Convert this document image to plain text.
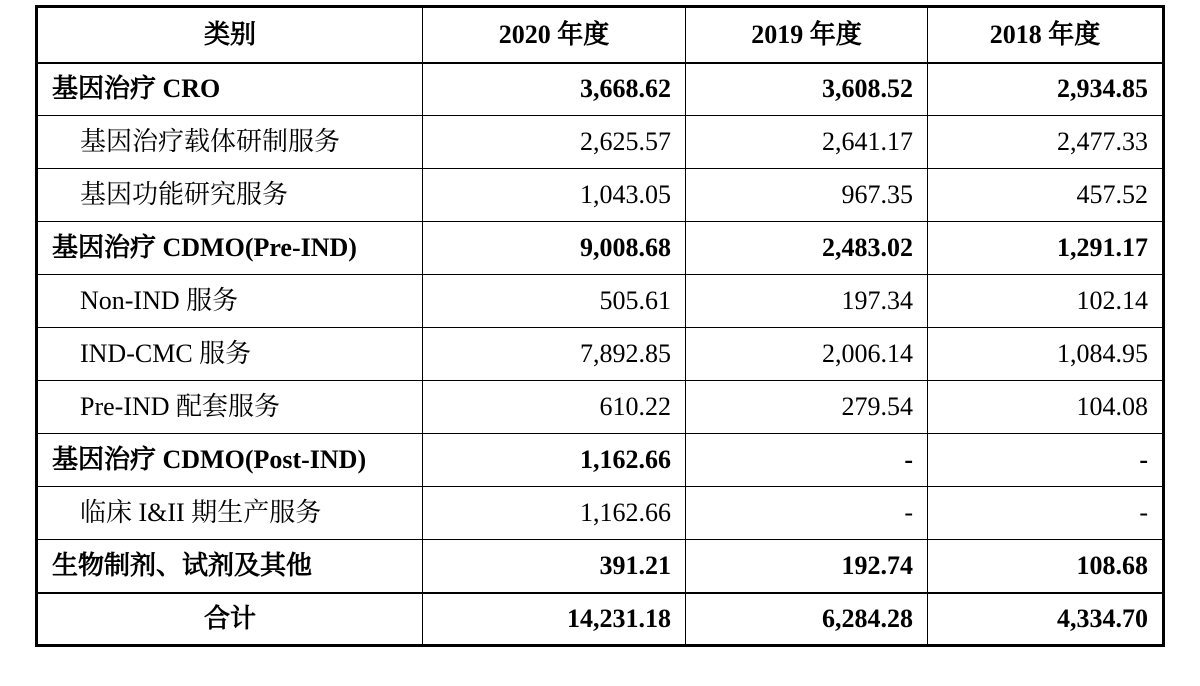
类别	2020 年度	2019 年度	2018 年度
基因治疗 CRO	3,668.62	3,608.52	2,934.85
基因治疗载体研制服务	2,625.57	2,641.17	2,477.33
基因功能研究服务	1,043.05	967.35	457.52
基因治疗 CDMO(Pre-IND)	9,008.68	2,483.02	1,291.17
Non-IND 服务	505.61	197.34	102.14
IND-CMC 服务	7,892.85	2,006.14	1,084.95
Pre-IND 配套服务	610.22	279.54	104.08
基因治疗 CDMO(Post-IND)	1,162.66	-	-
临床 I&II 期生产服务	1,162.66	-	-
生物制剂、试剂及其他	391.21	192.74	108.68
合计	14,231.18	6,284.28	4,334.70
